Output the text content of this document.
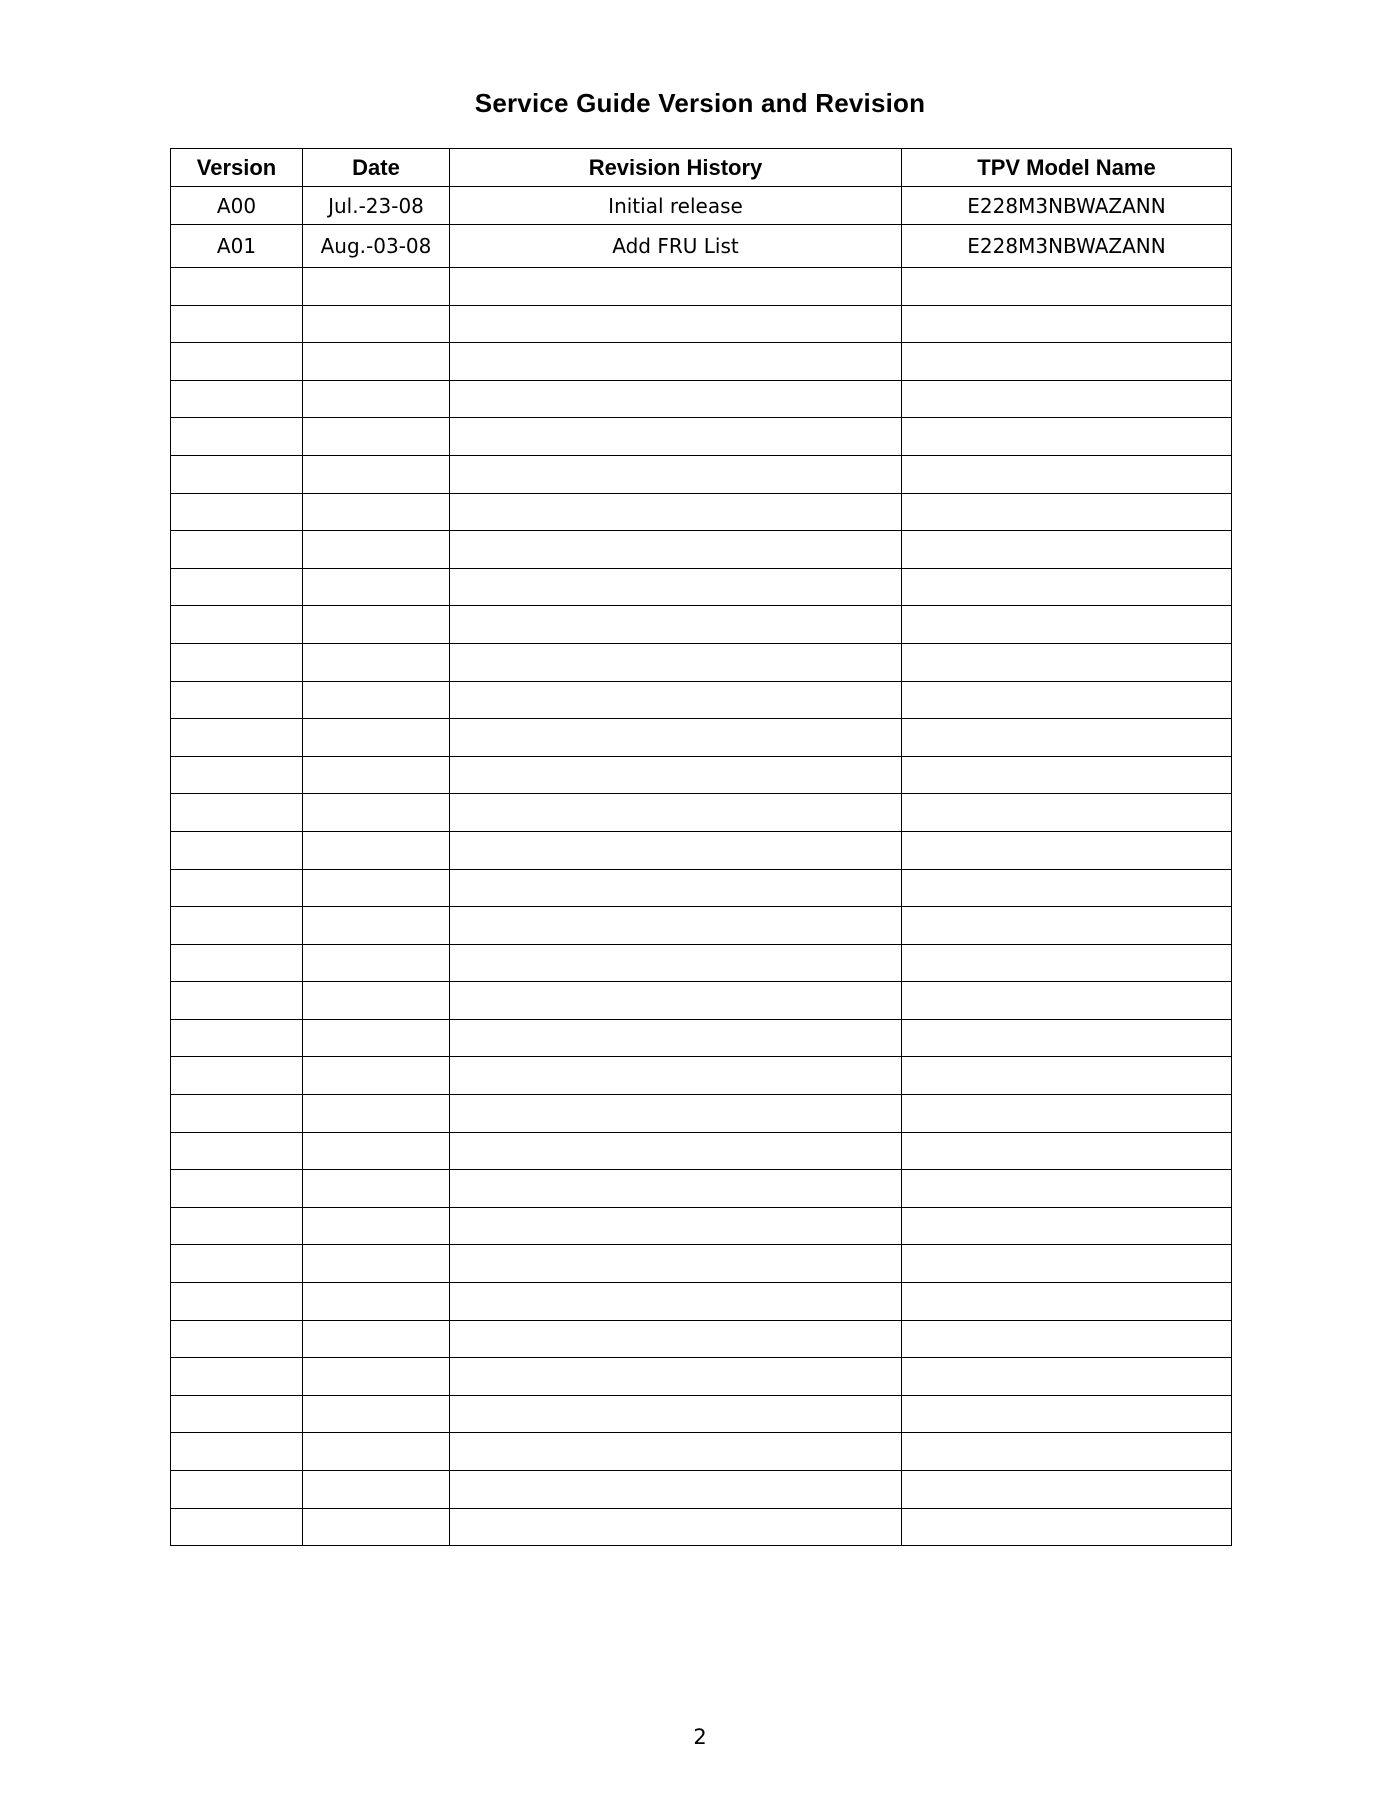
Service Guide Version and Revision
Version	Date	Revision History	TPV Model Name
A00	Jul.-23-08	Initial release	E228M3NBWAZANN
A01	Aug.-03-08	Add FRU List	E228M3NBWAZANN

2
